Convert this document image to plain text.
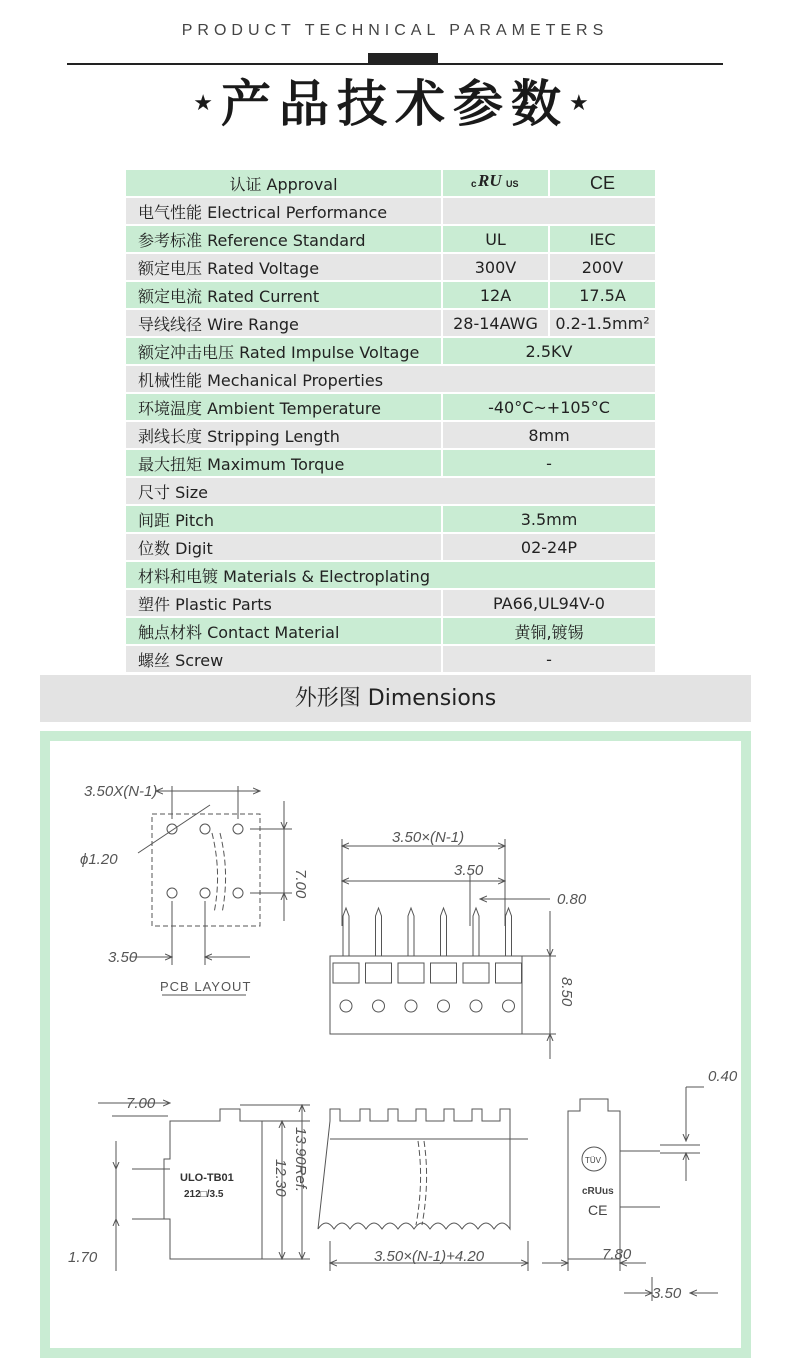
PRODUCT TECHNICAL PARAMETERS
★产品技术参数★
认证 Approval	c RU US	CE
电气性能 Electrical Performance		
参考标准 Reference Standard	UL	IEC
额定电压 Rated Voltage	300V	200V
额定电流 Rated Current	12A	17.5A
导线线径 Wire Range	28-14AWG	0.2-1.5mm²
额定冲击电压 Rated Impulse Voltage	2.5KV	
机械性能 Mechanical Properties		
环境温度 Ambient Temperature	-40°C~+105°C	
剥线长度 Stripping Length	8mm	
最大扭矩 Maximum Torque	-	
尺寸 Size		
间距 Pitch	3.5mm	
位数 Digit	02-24P	
材料和电镀 Materials & Electroplating		
塑件 Plastic Parts	PA66,UL94V-0	
触点材料 Contact Material	黄铜,镀锡	
螺丝 Screw	-	
外形图 Dimensions
3.50X(N-1)
ϕ1.20
7.00
3.50
PCB LAYOUT
3.50×(N-1)
3.50
0.80
8.50
7.00
12.30 13.90Ref.
1.70	3.50×(N-1)+4.20
0.40
7.80
3.50
ULO-TB01
212□/3.5
TÜV
cRUus
CE
